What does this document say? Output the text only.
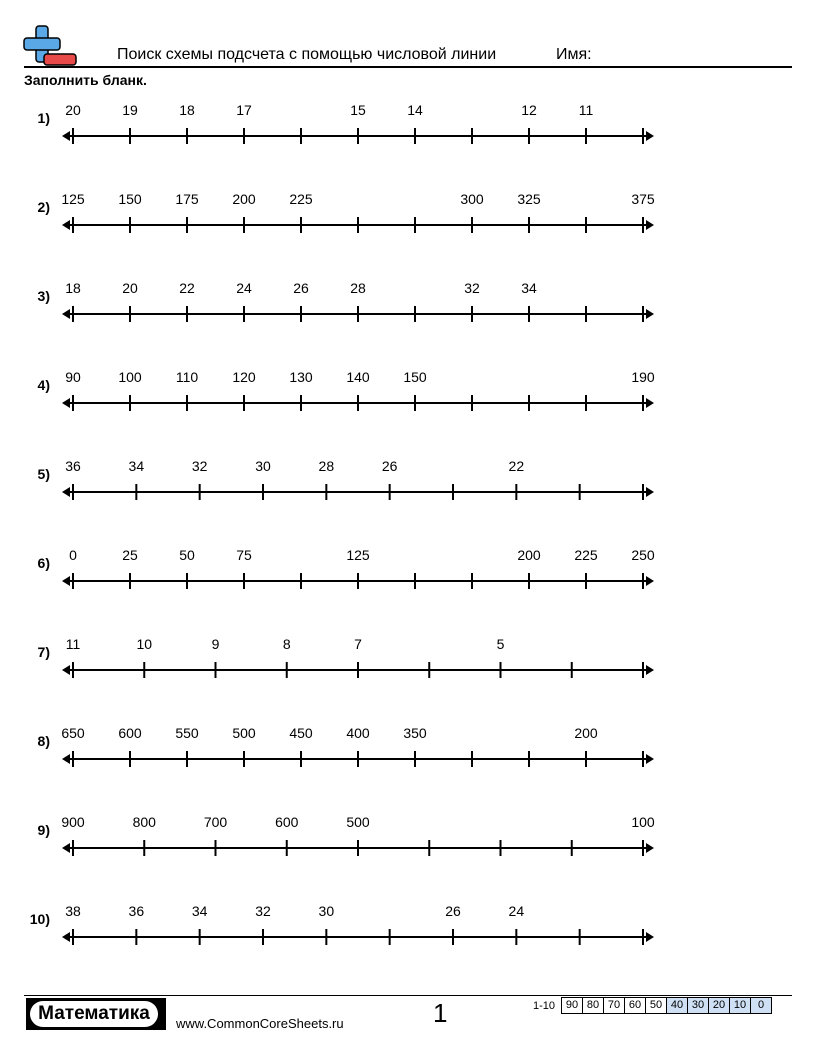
Поиск схемы подсчета с помощью числовой линии	Имя:
Заполнить бланк.
1) 20	19	18	17	15	14	12	11
2) 125 150 175 200 225	300 325	375
3) 18	20	22	24	26	28	32	34
4) 90	100 110 120 130 140 150	190
5) 36	34	32	30	28	26	22
6) 0	25	50	75	125	200 225 250
7) 11	10	9	8	7	5
8) 650 600 550 500 450 400 350	200
9) 900	800	700	600	500	100
10) 38	36	34	32	30	26	24
Математика	www.CommonCoreSheets.ru	1	1-10 90 80 70 60 50 40 30 20 10	0
